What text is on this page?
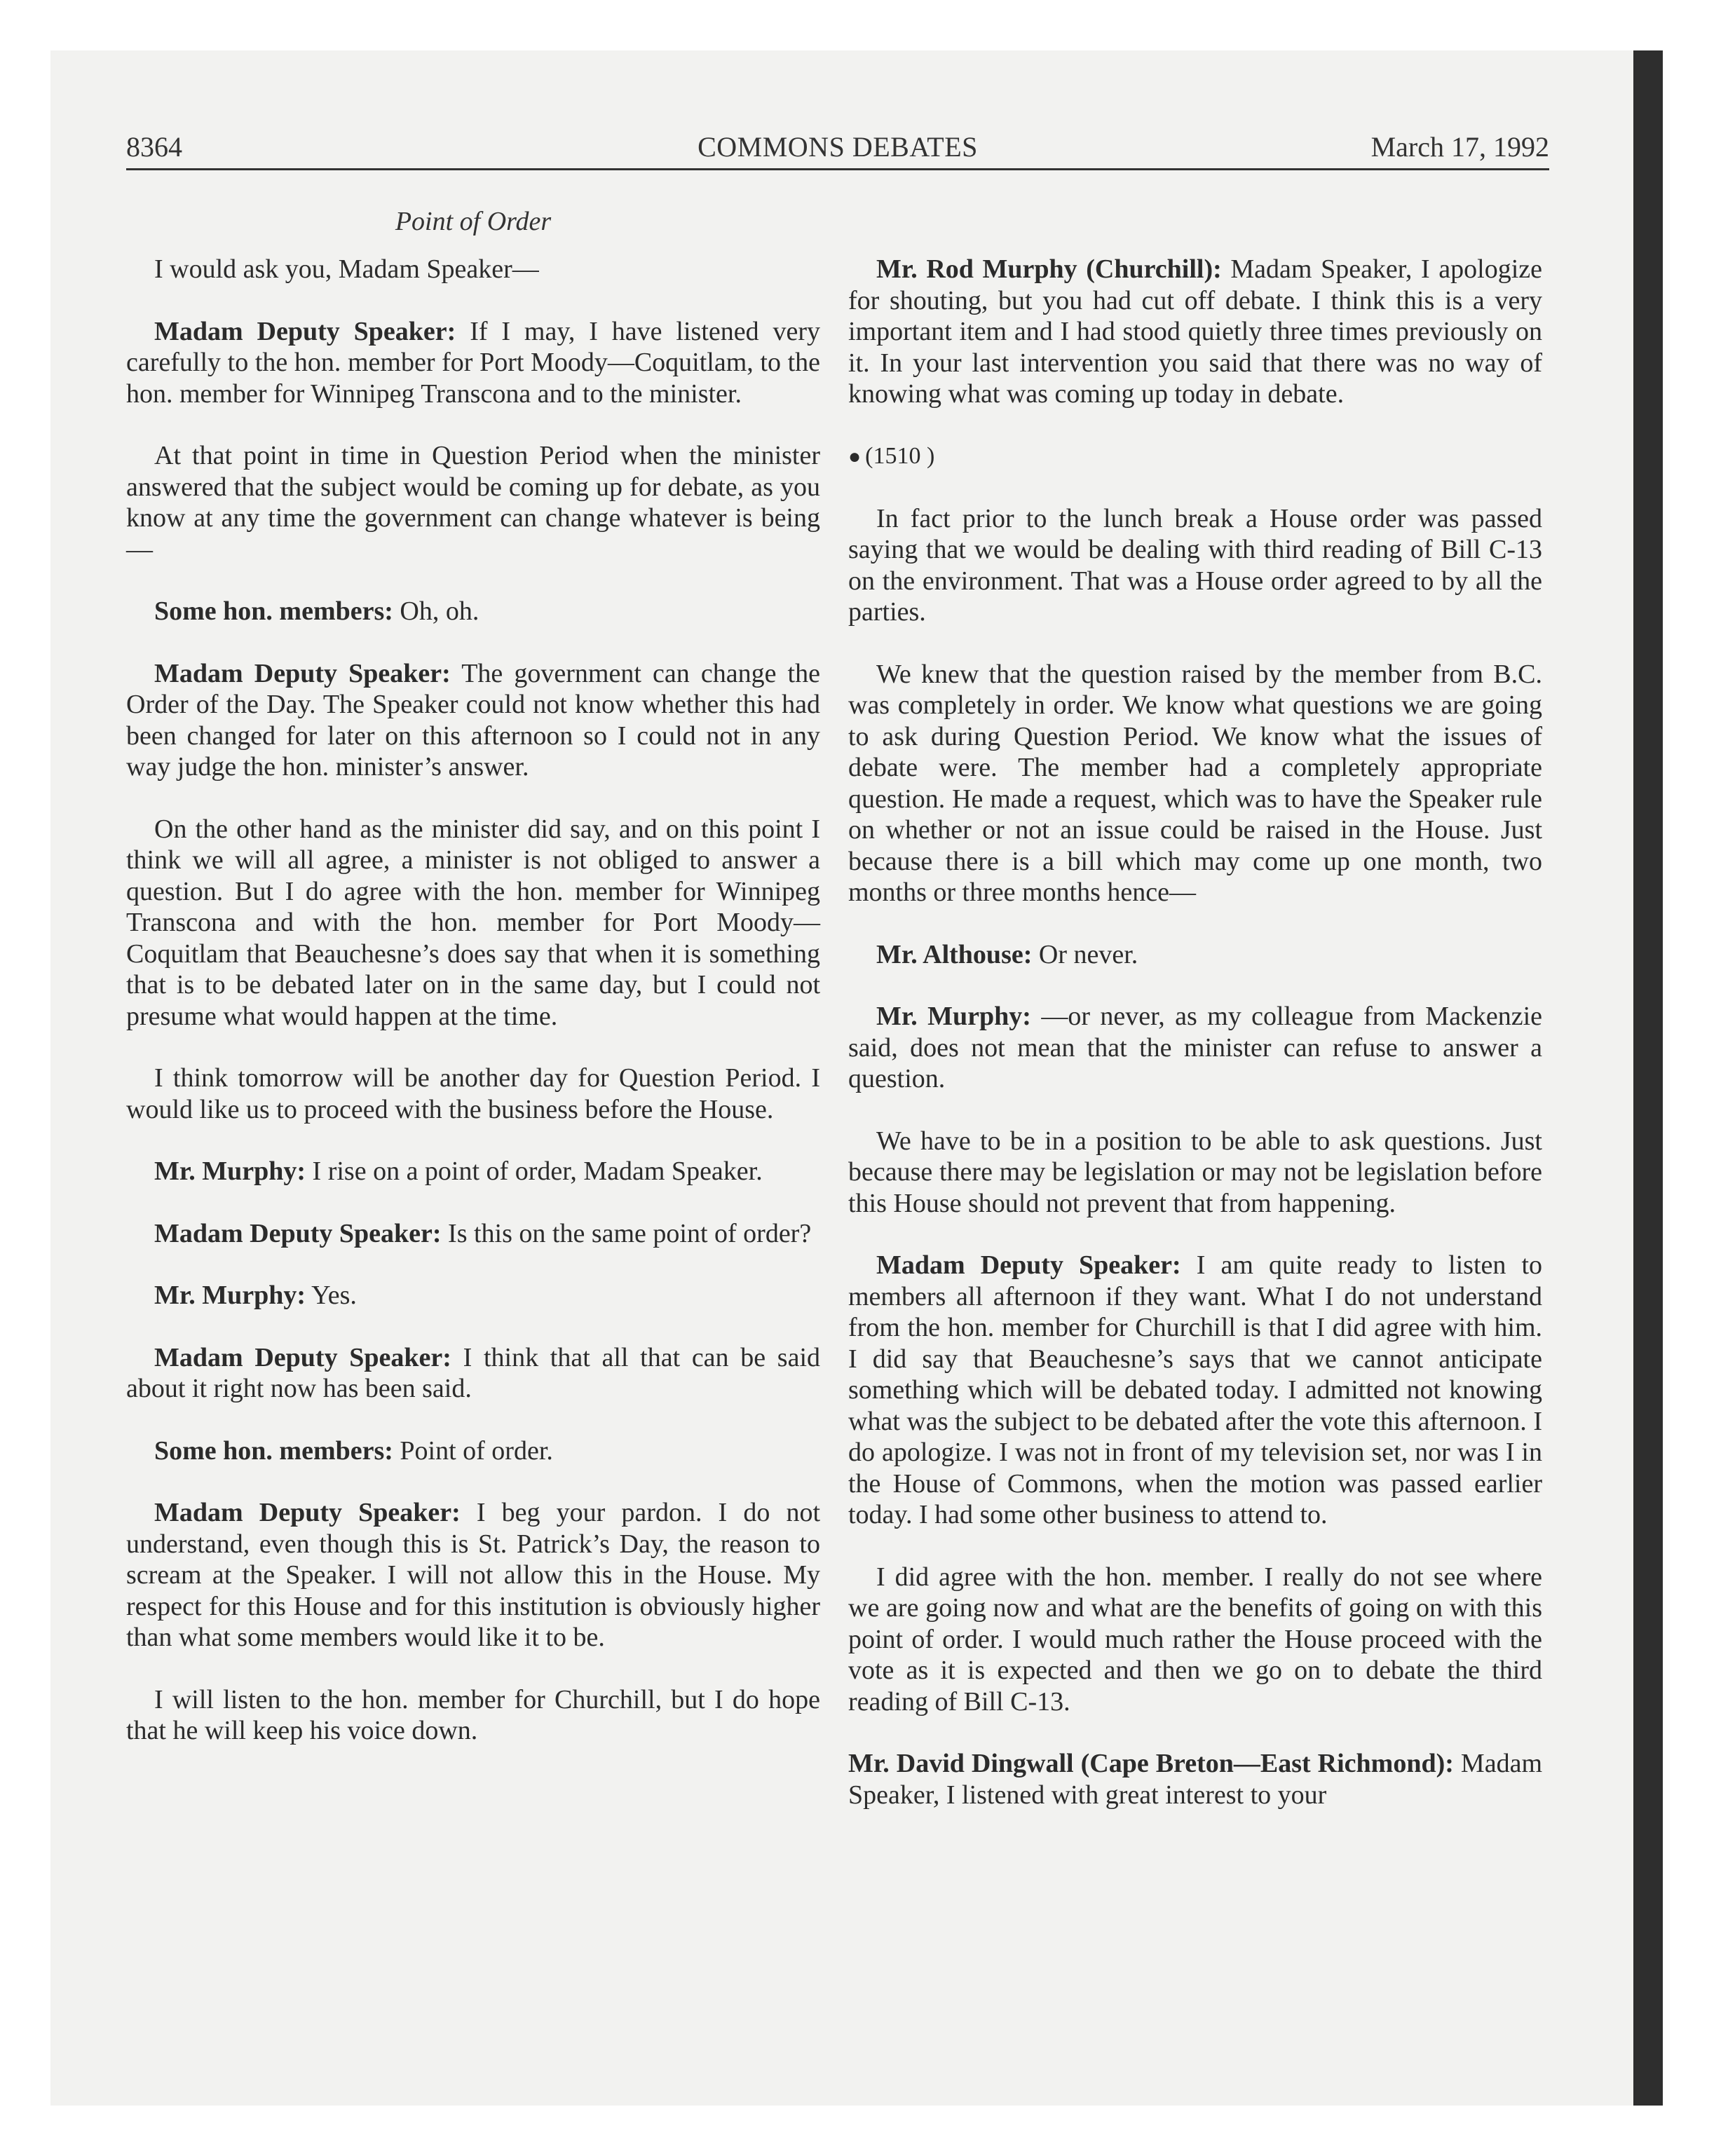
8364	COMMONS DEBATES	March 17, 1992
Point of Order

I would ask you, Madam Speaker—

Madam Deputy Speaker: If I may, I have listened very carefully to the hon. member for Port Moody—Coquitlam, to the hon. member for Winnipeg Transcona and to the minister.

At that point in time in Question Period when the minister answered that the subject would be coming up for debate, as you know at any time the government can change whatever is being—

Some hon. members: Oh, oh.

Madam Deputy Speaker: The government can change the Order of the Day. The Speaker could not know whether this had been changed for later on this afternoon so I could not in any way judge the hon. minister’s answer.

On the other hand as the minister did say, and on this point I think we will all agree, a minister is not obliged to answer a question. But I do agree with the hon. member for Winnipeg Transcona and with the hon. member for Port Moody—Coquitlam that Beauchesne’s does say that when it is something that is to be debated later on in the same day, but I could not presume what would happen at the time.

I think tomorrow will be another day for Question Period. I would like us to proceed with the business before the House.

Mr. Murphy: I rise on a point of order, Madam Speaker.

Madam Deputy Speaker: Is this on the same point of order?

Mr. Murphy: Yes.

Madam Deputy Speaker: I think that all that can be said about it right now has been said.

Some hon. members: Point of order.

Madam Deputy Speaker: I beg your pardon. I do not understand, even though this is St. Patrick’s Day, the reason to scream at the Speaker. I will not allow this in the House. My respect for this House and for this institution is obviously higher than what some members would like it to be.

I will listen to the hon. member for Churchill, but I do hope that he will keep his voice down.

Mr. Rod Murphy (Churchill): Madam Speaker, I apologize for shouting, but you had cut off debate. I think this is a very important item and I had stood quietly three times previously on it. In your last intervention you said that there was no way of knowing what was coming up today in debate.

● (1510 )

In fact prior to the lunch break a House order was passed saying that we would be dealing with third reading of Bill C-13 on the environment. That was a House order agreed to by all the parties.

We knew that the question raised by the member from B.C. was completely in order. We know what questions we are going to ask during Question Period. We know what the issues of debate were. The member had a completely appropriate question. He made a request, which was to have the Speaker rule on whether or not an issue could be raised in the House. Just because there is a bill which may come up one month, two months or three months hence—

Mr. Althouse: Or never.

Mr. Murphy: —or never, as my colleague from Mackenzie said, does not mean that the minister can refuse to answer a question.

We have to be in a position to be able to ask questions. Just because there may be legislation or may not be legislation before this House should not prevent that from happening.

Madam Deputy Speaker: I am quite ready to listen to members all afternoon if they want. What I do not understand from the hon. member for Churchill is that I did agree with him. I did say that Beauchesne’s says that we cannot anticipate something which will be debated today. I admitted not knowing what was the subject to be debated after the vote this afternoon. I do apologize. I was not in front of my television set, nor was I in the House of Commons, when the motion was passed earlier today. I had some other business to attend to.

I did agree with the hon. member. I really do not see where we are going now and what are the benefits of going on with this point of order. I would much rather the House proceed with the vote as it is expected and then we go on to debate the third reading of Bill C-13.

Mr. David Dingwall (Cape Breton—East Richmond): Madam Speaker, I listened with great interest to your
